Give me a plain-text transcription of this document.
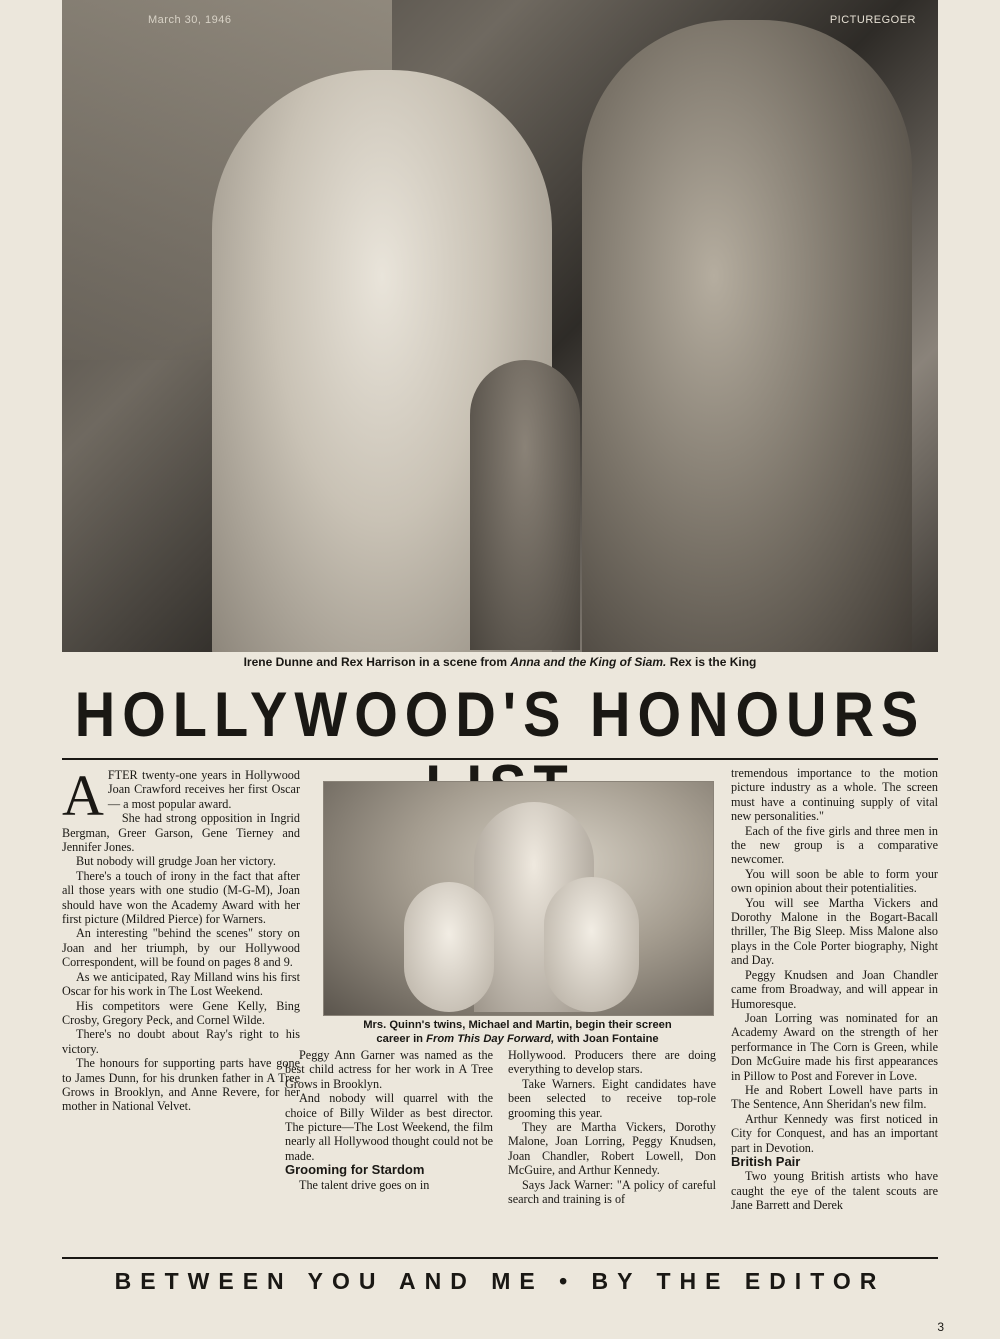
March 30, 1946	PICTUREGOER
Irene Dunne and Rex Harrison in a scene from Anna and the King of Siam. Rex is the King
HOLLYWOOD'S HONOURS

AFTER twenty-one years in Hollywood Joan Crawford receives her first Oscar — a most popular award.

She had strong opposition in Ingrid Bergman, Greer Garson, Gene Tierney and Jennifer Jones.

But nobody will grudge Joan her victory.

There's a touch of irony in the fact that after all those years with one studio (M-G-M), Joan should have won the Academy Award with her first picture (Mildred Pierce) for Warners.

An interesting "behind the scenes" story on Joan and her triumph, by our Hollywood Correspondent, will be found on pages 8 and 9.

As we anticipated, Ray Milland wins his first Oscar for his work in The Lost Weekend.

His competitors were Gene Kelly, Bing Crosby, Gregory Peck, and Cornel Wilde.

There's no doubt about Ray's right to his victory.

The honours for supporting parts have gone to James Dunn, for his drunken father in A Tree Grows in Brooklyn, and Anne Revere, for her mother in National Velvet.

Mrs. Quinn's twins, Michael and Martin, begin their screen
career in From This Day Forward, with Joan Fontaine

Peggy Ann Garner was named as the best child actress for her work in A Tree Grows in Brooklyn.

And nobody will quarrel with the choice of Billy Wilder as best director. The picture—The Lost Weekend, the film nearly all Hollywood thought could not be made.

Grooming for Stardom

The talent drive goes on in

Hollywood. Producers there are doing everything to develop stars.

Take Warners. Eight candidates have been selected to receive top-role grooming this year.

They are Martha Vickers, Dorothy Malone, Joan Lorring, Peggy Knudsen, Joan Chandler, Robert Lowell, Don McGuire, and Arthur Kennedy.

Says Jack Warner: "A policy of careful search and training is of

tremendous importance to the motion picture industry as a whole. The screen must have a continuing supply of vital new personalities."

Each of the five girls and three men in the new group is a comparative newcomer.

You will soon be able to form your own opinion about their potentialities.

You will see Martha Vickers and Dorothy Malone in the Bogart-Bacall thriller, The Big Sleep. Miss Malone also plays in the Cole Porter biography, Night and Day.

Peggy Knudsen and Joan Chandler came from Broadway, and will appear in Humoresque.

Joan Lorring was nominated for an Academy Award on the strength of her performance in The Corn is Green, while Don McGuire made his first appearances in Pillow to Post and Forever in Love.

He and Robert Lowell have parts in The Sentence, Ann Sheridan's new film.

Arthur Kennedy was first noticed in City for Conquest, and has an important part in Devotion.

British Pair

Two young British artists who have caught the eye of the talent scouts are Jane Barrett and Derek

BETWEEN YOU AND ME • BY THE EDITOR
3
